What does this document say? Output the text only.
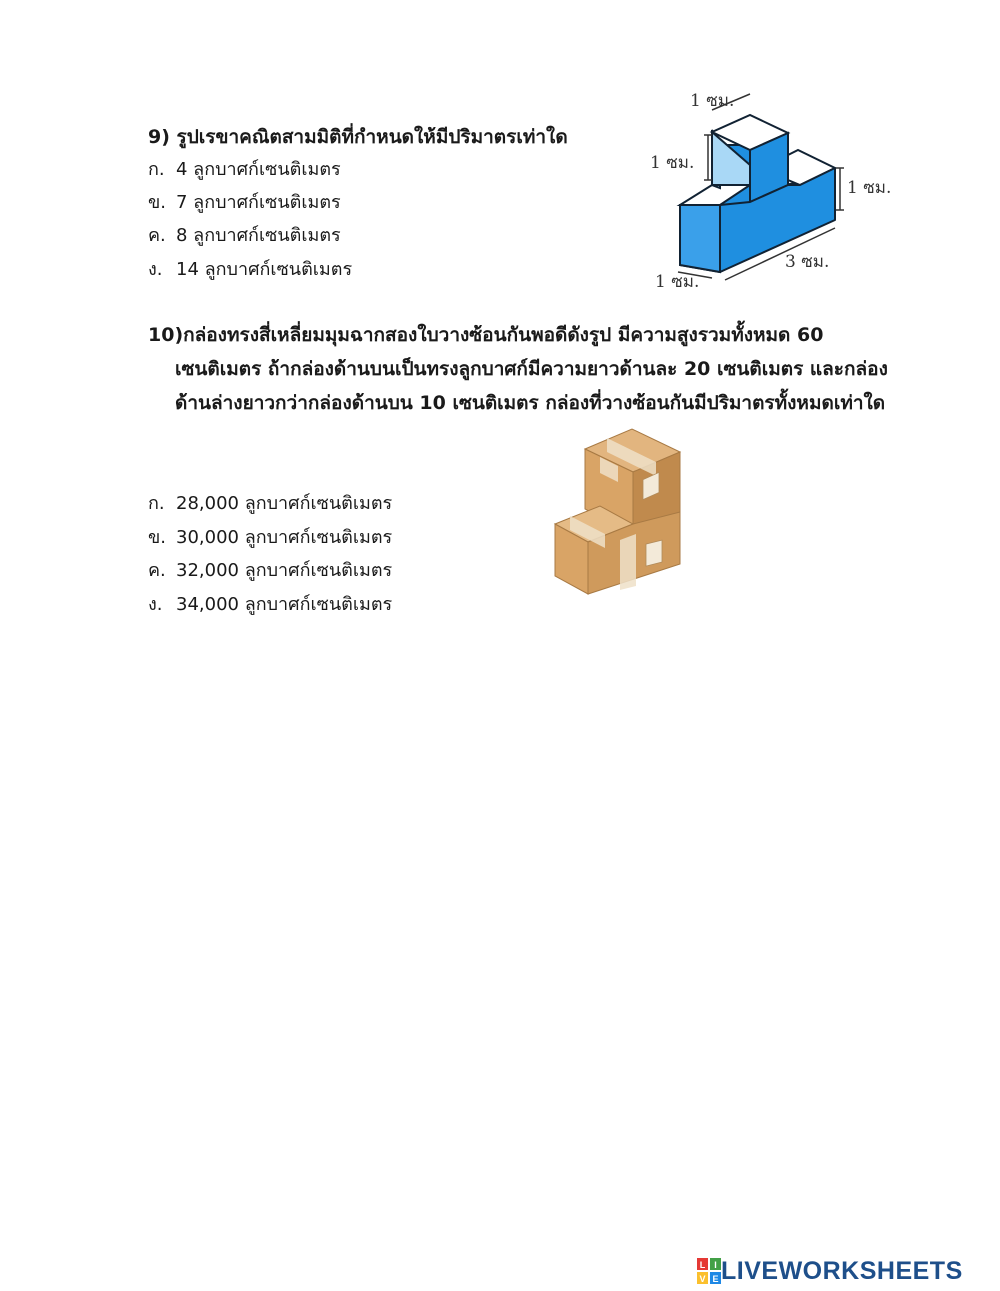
9) รูปเรขาคณิตสามมิติที่กำหนดให้มีปริมาตรเท่าใด
ก. 4 ลูกบาศก์เซนติเมตร
ข. 7 ลูกบาศก์เซนติเมตร
ค. 8 ลูกบาศก์เซนติเมตร
ง. 14 ลูกบาศก์เซนติเมตร
1 ซม.
1 ซม.
1 ซม.
3 ซม.
1 ซม.
10)กล่องทรงสี่เหลี่ยมมุมฉากสองใบวางซ้อนกันพอดีดังรูป มีความสูงรวมทั้งหมด 60
เซนติเมตร ถ้ากล่องด้านบนเป็นทรงลูกบาศก์มีความยาวด้านละ 20 เซนติเมตร และกล่อง
ด้านล่างยาวกว่ากล่องด้านบน 10 เซนติเมตร กล่องที่วางซ้อนกันมีปริมาตรทั้งหมดเท่าใด
ก. 28,000 ลูกบาศก์เซนติเมตร
ข. 30,000 ลูกบาศก์เซนติเมตร
ค. 32,000 ลูกบาศก์เซนติเมตร
ง. 34,000 ลูกบาศก์เซนติเมตร
L I
V E LIVEWORKSHEETS
